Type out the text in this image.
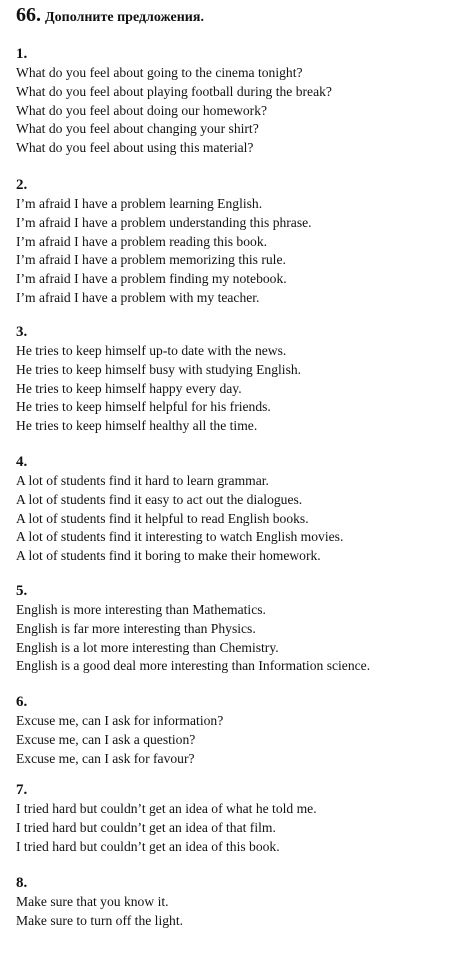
66. Дополните предложения.
1.
What do you feel about going to the cinema tonight?
What do you feel about playing football during the break?
What do you feel about doing our homework?
What do you feel about changing your shirt?
What do you feel about using this material?
2.
I’m afraid I have a problem learning English.
I’m afraid I have a problem understanding this phrase.
I’m afraid I have a problem reading this book.
I’m afraid I have a problem memorizing this rule.
I’m afraid I have a problem finding my notebook.
I’m afraid I have a problem with my teacher.
3.
He tries to keep himself up-to date with the news.
He tries to keep himself busy with studying English.
He tries to keep himself happy every day.
He tries to keep himself helpful for his friends.
He tries to keep himself healthy all the time.
4.
A lot of students find it hard to learn grammar.
A lot of students find it easy to act out the dialogues.
A lot of students find it helpful to read English books.
A lot of students find it interesting to watch English movies.
A lot of students find it boring to make their homework.
5.
English is more interesting than Mathematics.
English is far more interesting than Physics.
English is a lot more interesting than Chemistry.
English is a good deal more interesting than Information science.
6.
Excuse me, can I ask for information?
Excuse me, can I ask a question?
Excuse me, can I ask for favour?
7.
I tried hard but couldn’t get an idea of what he told me.
I tried hard but couldn’t get an idea of that film.
I tried hard but couldn’t get an idea of this book.
8.
Make sure that you know it.
Make sure to turn off the light.
